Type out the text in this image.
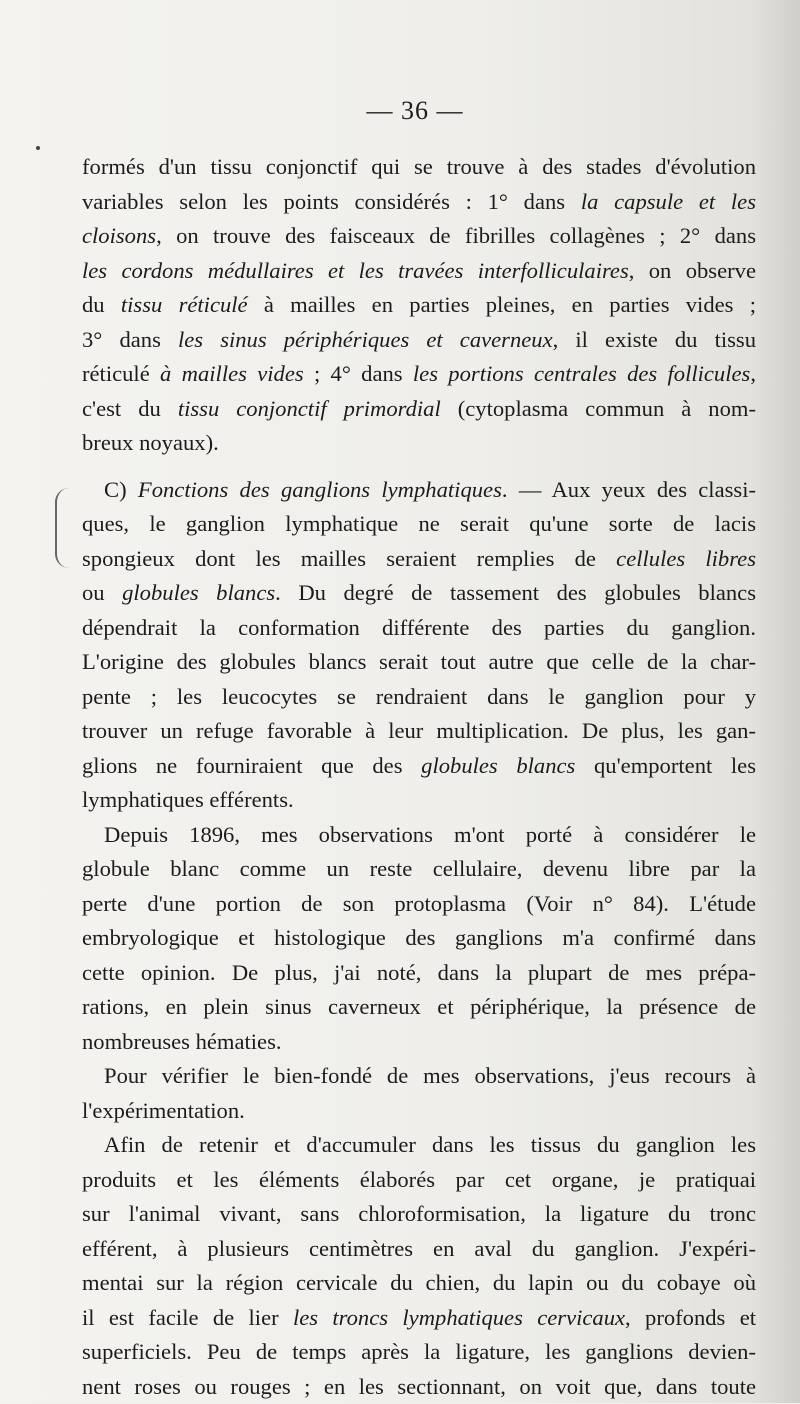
— 36 —
formés d'un tissu conjonctif qui se trouve à des stades d'évolution
variables selon les points considérés : 1° dans la capsule et les
cloisons, on trouve des faisceaux de fibrilles collagènes ; 2° dans
les cordons médullaires et les travées interfolliculaires, on observe
du tissu réticulé à mailles en parties pleines, en parties vides ;
3° dans les sinus périphériques et caverneux, il existe du tissu
réticulé à mailles vides ; 4° dans les portions centrales des follicules,
c'est du tissu conjonctif primordial (cytoplasma commun à nom-
breux noyaux).
C) Fonctions des ganglions lymphatiques. — Aux yeux des classi-
ques, le ganglion lymphatique ne serait qu'une sorte de lacis
spongieux dont les mailles seraient remplies de cellules libres
ou globules blancs. Du degré de tassement des globules blancs
dépendrait la conformation différente des parties du ganglion.
L'origine des globules blancs serait tout autre que celle de la char-
pente ; les leucocytes se rendraient dans le ganglion pour y
trouver un refuge favorable à leur multiplication. De plus, les gan-
glions ne fourniraient que des globules blancs qu'emportent les
lymphatiques efférents.
Depuis 1896, mes observations m'ont porté à considérer le
globule blanc comme un reste cellulaire, devenu libre par la
perte d'une portion de son protoplasma (Voir n° 84). L'étude
embryologique et histologique des ganglions m'a confirmé dans
cette opinion. De plus, j'ai noté, dans la plupart de mes prépa-
rations, en plein sinus caverneux et périphérique, la présence de
nombreuses hématies.
Pour vérifier le bien-fondé de mes observations, j'eus recours à
l'expérimentation.
Afin de retenir et d'accumuler dans les tissus du ganglion les
produits et les éléments élaborés par cet organe, je pratiquai
sur l'animal vivant, sans chloroformisation, la ligature du tronc
efférent, à plusieurs centimètres en aval du ganglion. J'expéri-
mentai sur la région cervicale du chien, du lapin ou du cobaye où
il est facile de lier les troncs lymphatiques cervicaux, profonds et
superficiels. Peu de temps après la ligature, les ganglions devien-
nent roses ou rouges ; en les sectionnant, on voit que, dans toute
